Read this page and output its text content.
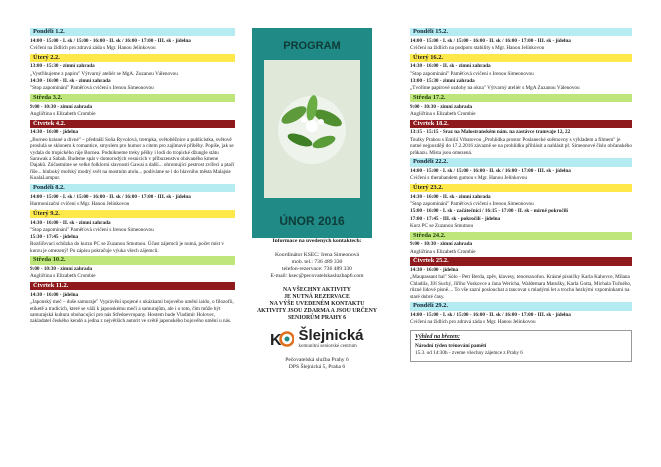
Pondělí 1.2.
14:00 - 15:00 - I. sk / 15:00 - 16:00 - II. sk / 16:00 - 17:00 - III. sk - jídelna
Cvičení na židlích pro zdravá záda s Mgr. Hanou Jelínkovou
Úterý 2.2.
13:00 - 15:30 - zimní zahrada
„Vystřihujeme z papíru" Výtvarný ateliér se MgA. Zuzanou Válenovou
14:30 - 16:00 - II. sk - zimní zahrada
"Stop zapomínání" Paměťová cvičení s Irenou Simeonovou
Středa 3.2.
9:00 - 10:30 - zimní zahrada
Angličtina s Elizabeth Crombie
Čtvrtek 4.2.
14:30 - 16:00 - jídelna
„Borneo krásné a divné" – přednáší Soňa Ryvolová, trempka, světoběžnice a publicistka, světově proslulá se sklonem k romantice, smyslem pro humor a citem pro zajímavé příběhy. Popíše, jak se vydala do tropického ráje Bornea. Podnikneme treky pěšky i lodí do tropické džungle státu Sarawak a Sabah. Budeme spát v domorodých vesnicích v příbuzenstvu obávaného kmene Dajaků. Zúčastníme se velké folklorní slavnosti Gawai a další... ohromující pestrost zvířecí a ptačí říše... hluboký mořský modrý svět na mostním atolu... podíváme se i do hlavního města Malajsie KualaLumpur.
Pondělí 8.2.
14:00 - 15:00 - I. sk / 15:00 - 16:00 - II. sk / 16:00 - 17:00 - III. sk - jídelna
Harmonizační cvičení s Mgr. Hanou Jelínkovou
Úterý 9.2.
14:30 - 16:00 - II. sk - zimní zahrada
"Stop zapomínání" Paměťová cvičení s Irenou Simeonovou
15:30 - 17:45 - jídelna
Rozšiřovací schůzka do kurzu PC se Zuzanou Smutnou. Účast zájemců je nutná, počet míst v kurzu je omezený! Po zápisu pokračuje výuka všech zájemců.
Středa 10.2.
9:00 - 10:30 - zimní zahrada
Angličtina s Elizabeth Crombie
Čtvrtek 11.2.
14:30 - 16:00 - jídelna
„Japonský meč – duše samuraje" Vyprávění spojené s ukázkami bojového umění iaido, o filozofii, etiketě a tradicích, které se váží k japonskému meči a samurajům, ale i o tom, čím může být samurajská kultura obohacující pro nás Středoevropany. Hostem bude Vladimír Holovec, zakladatel českého kendó a jedna z největších autorit ve světě japonského bojového umění u nás.
PROGRAM
ÚNOR 2016
Informace na uvedených kontaktech:
Koordinátor KSEC: Irena Simeonová
mob. tel.: 736 489 330
telefon-rezervace: 736 489 330
E-mail: ksec@pecovatelskasluzbap6.com
NA VŠECHNY AKTIVITY
JE NUTNÁ REZERVACE
NA VÝŠE UVEDENÉM KONTAKTU
AKTIVITY JSOU ZDARMA A JSOU URČENY
SENIORŮM PRAHY 6
K Šlejnická
komunitní seniorské centrum
Pečovatelská služba Prahy 6
DPS Šlejnická 5, Praha 6
Pondělí 15.2.
14:00 - 15:00 - I. sk / 15:00 - 16:00 - II. sk / 16:00 - 17:00 - III. sk - jídelna
Cvičení na židlích na podporu stability s Mgr. Hanou Jelínkovou
Úterý 16.2.
14:30 - 16:00 - II. sk - zimní zahrada
"Stop zapomínání" Paměťová cvičení s Irenou Simeonovou
13:00 - 15:30 - zimní zahrada
„Tvoříme papírové ozdoby na okna" Výtvarný ateliér s MgA Zuzanou Válenovou
Středa 17.2.
9:00 - 10:30 - zimní zahrada
Angličtina s Elizabeth Crombie
Čtvrtek 18.2.
13:15 - 15:15 - Sraz na Malostranském nám. na zastávce tramvaje 12, 22
Toulky Prahou s Emilií Vrbatovou „Prohlídka prostor Poslanecké sněmovny s výkladem a filmem" je nutné nejpozději do 17.2.2016 závazně se na prohlídku přihlásit a nahlásit př. Simeonové číslo občanského průkazu. Místa jsou omezená.
Pondělí 22.2.
14:00 - 15:00 - I. sk / 15:00 - 16:00 - II. sk / 16:00 - 17:00 - III. sk - jídelna
Cvičení s therabandem gumou s Mgr. Hanou Jelínkovou
Úterý 23.2.
14:30 - 16:00 - II. sk - zimní zahrada
"Stop zapomínání" Paměťová cvičení s Irenou Simeonovou
15:00 - 16:00 - I. sk - začátečníci / 16:15 - 17:00 - II. sk - mírně pokročilí
17:00 - 17:45 - III. sk - pokročilí - jídelna
Kurz PC se Zuzanou Smutnou
Středa 24.2.
9:00 - 10:30 - zimní zahrada
Angličtina s Elizabeth Crombie
Čtvrtek 25.2.
14:30 - 16:00 - jídelna
„Maupassant bal" Sólo - Petr Berda, zpěv, klavesy, tenorsaxofon. Krásné písničky Karla Kahovce, Milana Chladila, Jiří Suchý, Jiřího Voskovce a Jana Wericha, Waldemara Matušky, Karla Gotta, Michala Tučného, různé lidové písně.... To vše zazní poslouchat a tancovat s mladými let a trochu hezkými vzpomínkami na staré dobré časy.
Pondělí 29.2.
14:00 - 15:00 - I. sk / 15:00 - 16:00 - II. sk / 16:00 - 17:00 - III. sk - jídelna
Cvičení na židlích pro zdravá záda s Mgr. Hanou Jelínkovou
Výhled na březen:
Národní týden trénování paměti
15.3. od 14:30h - zveme všechny zájemce z Prahy 6
